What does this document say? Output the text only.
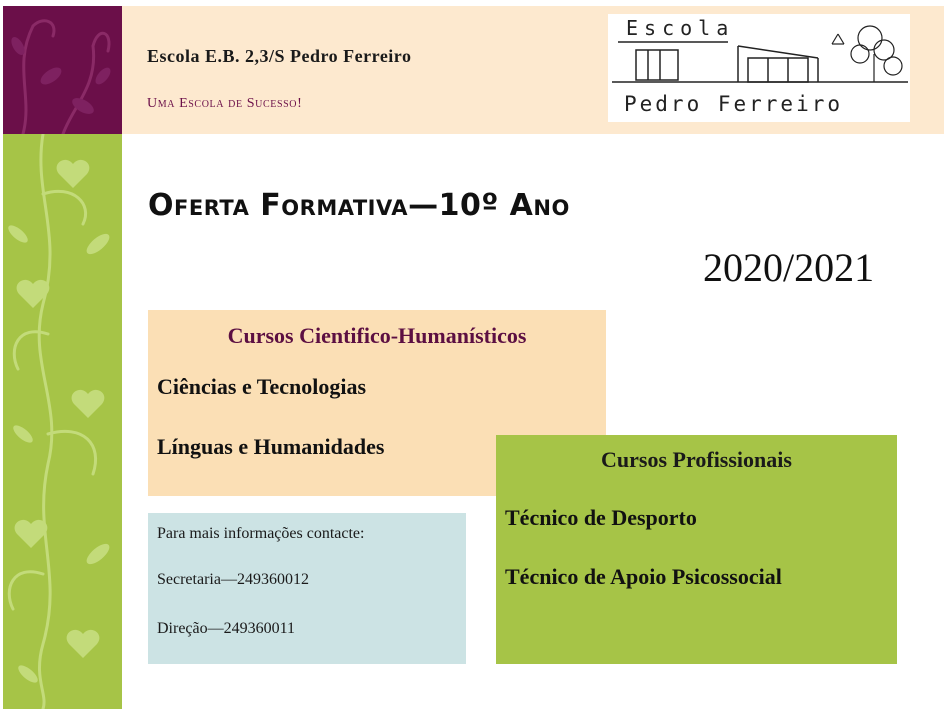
Escola E.B. 2,3/S Pedro Ferreiro
Uma Escola de Sucesso!
Escola
Pedro Ferreiro
Oferta Formativa—10º Ano
2020/2021
Cursos Cientifico-Humanísticos
Ciências e Tecnologias
Línguas e Humanidades
Para mais informações contacte:
Secretaria—249360012
Direção—249360011
Cursos Profissionais
Técnico de Desporto
Técnico de Apoio Psicossocial
